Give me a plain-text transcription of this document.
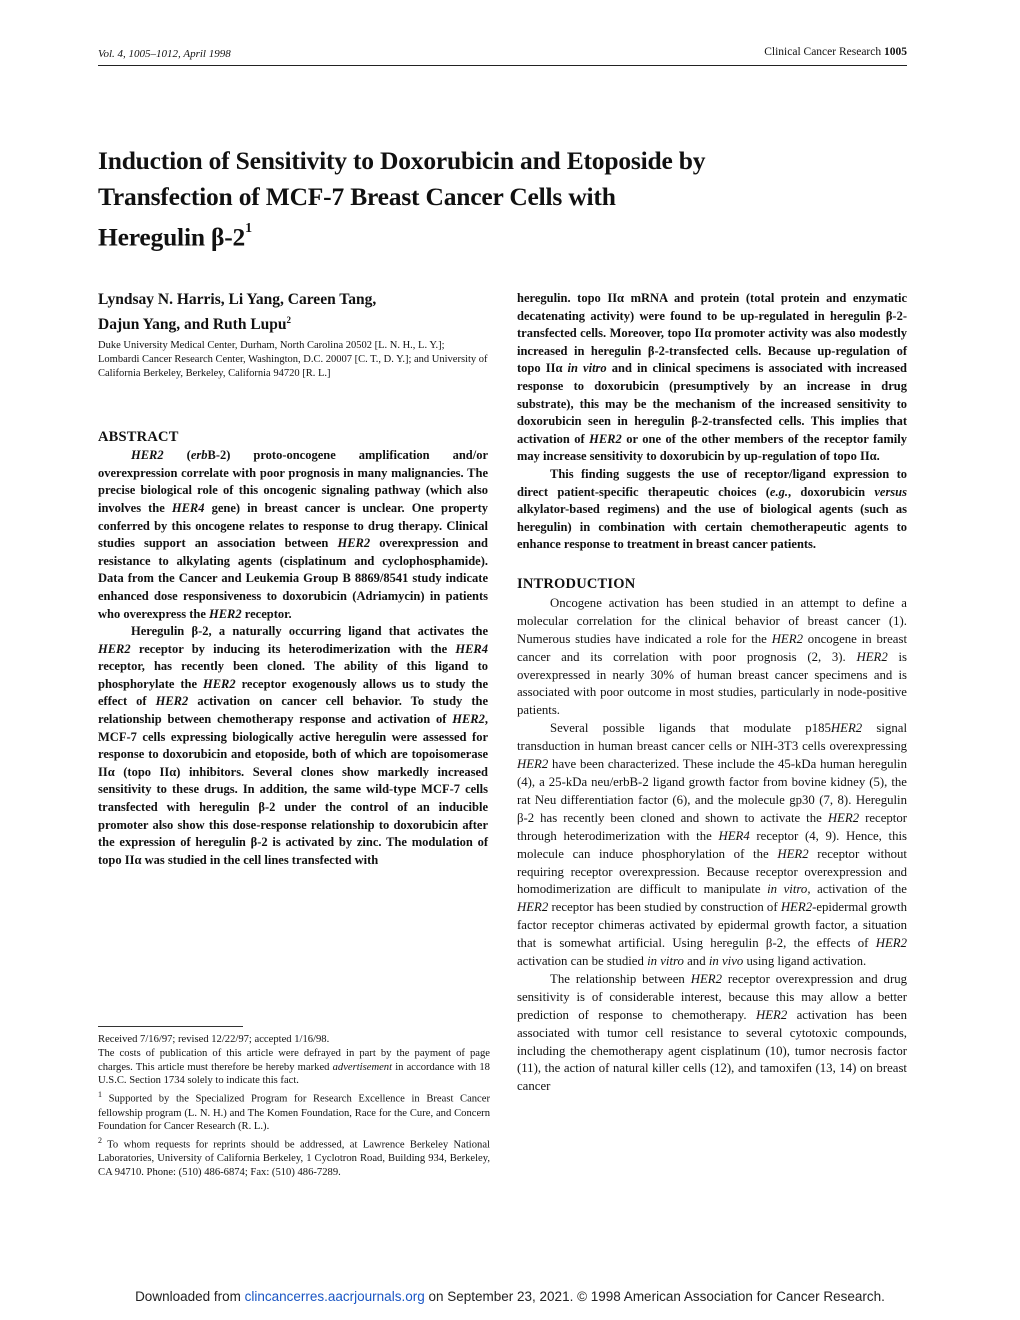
Vol. 4, 1005–1012, April 1998	Clinical Cancer Research 1005
Induction of Sensitivity to Doxorubicin and Etoposide by
Transfection of MCF-7 Breast Cancer Cells with
Heregulin $\beta-2^1$

Lyndsay N. Harris, Li Yang, Careen Tang,
Dajun Yang, and Ruth Lupu$^2$

Duke University Medical Center, Durham, North Carolina 20502 [L. N. H., L. Y.]; Lombardi Cancer Research Center, Washington, D.C. 20007 [C. T., D. Y.]; and University of California Berkeley, Berkeley, California 94720 [R. L.]

ABSTRACT

HER2 (erbB-2) proto-oncogene amplification and/or overexpression correlate with poor prognosis in many malignancies. The precise biological role of this oncogenic signaling pathway (which also involves the HER4 gene) in breast cancer is unclear. One property conferred by this oncogene relates to response to drug therapy. Clinical studies support an association between HER2 overexpression and resistance to alkylating agents (cisplatinum and cyclophosphamide). Data from the Cancer and Leukemia Group B 8869/8541 study indicate enhanced dose responsiveness to doxorubicin (Adriamycin) in patients who overexpress the HER2 receptor.

Heregulin β-2, a naturally occurring ligand that activates the HER2 receptor by inducing its heterodimerization with the HER4 receptor, has recently been cloned. The ability of this ligand to phosphorylate the HER2 receptor exogenously allows us to study the effect of HER2 activation on cancer cell behavior. To study the relationship between chemotherapy response and activation of HER2, MCF-7 cells expressing biologically active heregulin were assessed for response to doxorubicin and etoposide, both of which are topoisomerase IIα (topo IIα) inhibitors. Several clones show markedly increased sensitivity to these drugs. In addition, the same wild-type MCF-7 cells transfected with heregulin β-2 under the control of an inducible promoter also show this dose-response relationship to doxorubicin after the expression of heregulin β-2 is activated by zinc. The modulation of topo IIα was studied in the cell lines transfected with

Received 7/16/97; revised 12/22/97; accepted 1/16/98.

The costs of publication of this article were defrayed in part by the payment of page charges. This article must therefore be hereby marked advertisement in accordance with 18 U.S.C. Section 1734 solely to indicate this fact.

$^1$ Supported by the Specialized Program for Research Excellence in Breast Cancer fellowship program (L. N. H.) and The Komen Foundation, Race for the Cure, and Concern Foundation for Cancer Research (R. L.).

$^2$ To whom requests for reprints should be addressed, at Lawrence Berkeley National Laboratories, University of California Berkeley, 1 Cyclotron Road, Building 934, Berkeley, CA 94710. Phone: (510) 486-6874; Fax: (510) 486-7289.

heregulin. topo IIα mRNA and protein (total protein and enzymatic decatenating activity) were found to be up-regulated in heregulin β-2-transfected cells. Moreover, topo IIα promoter activity was also modestly increased in heregulin β-2-transfected cells. Because up-regulation of topo IIα in vitro and in clinical specimens is associated with increased response to doxorubicin (presumptively by an increase in drug substrate), this may be the mechanism of the increased sensitivity to doxorubicin seen in heregulin β-2-transfected cells. This implies that activation of HER2 or one of the other members of the receptor family may increase sensitivity to doxorubicin by up-regulation of topo IIα.

This finding suggests the use of receptor/ligand expression to direct patient-specific therapeutic choices (e.g., doxorubicin versus alkylator-based regimens) and the use of biological agents (such as heregulin) in combination with certain chemotherapeutic agents to enhance response to treatment in breast cancer patients.

INTRODUCTION

Oncogene activation has been studied in an attempt to define a molecular correlation for the clinical behavior of breast cancer (1). Numerous studies have indicated a role for the HER2 oncogene in breast cancer and its correlation with poor prognosis (2, 3). HER2 is overexpressed in nearly 30% of human breast cancer specimens and is associated with poor outcome in most studies, particularly in node-positive patients.

Several possible ligands that modulate p185HER2 signal transduction in human breast cancer cells or NIH-3T3 cells overexpressing HER2 have been characterized. These include the 45-kDa human heregulin (4), a 25-kDa neu/erbB-2 ligand growth factor from bovine kidney (5), the rat Neu differentiation factor (6), and the molecule gp30 (7, 8). Heregulin β-2 has recently been cloned and shown to activate the HER2 receptor through heterodimerization with the HER4 receptor (4, 9). Hence, this molecule can induce phosphorylation of the HER2 receptor without requiring receptor overexpression. Because receptor overexpression and homodimerization are difficult to manipulate in vitro, activation of the HER2 receptor has been studied by construction of HER2-epidermal growth factor receptor chimeras activated by epidermal growth factor, a situation that is somewhat artificial. Using heregulin β-2, the effects of HER2 activation can be studied in vitro and in vivo using ligand activation.

The relationship between HER2 receptor overexpression and drug sensitivity is of considerable interest, because this may allow a better prediction of response to chemotherapy. HER2 activation has been associated with tumor cell resistance to several cytotoxic compounds, including the chemotherapy agent cisplatinum (10), tumor necrosis factor (11), the action of natural killer cells (12), and tamoxifen (13, 14) on breast cancer

Downloaded from clincancerres.aacrjournals.org on September 23, 2021. © 1998 American Association for Cancer Research.
